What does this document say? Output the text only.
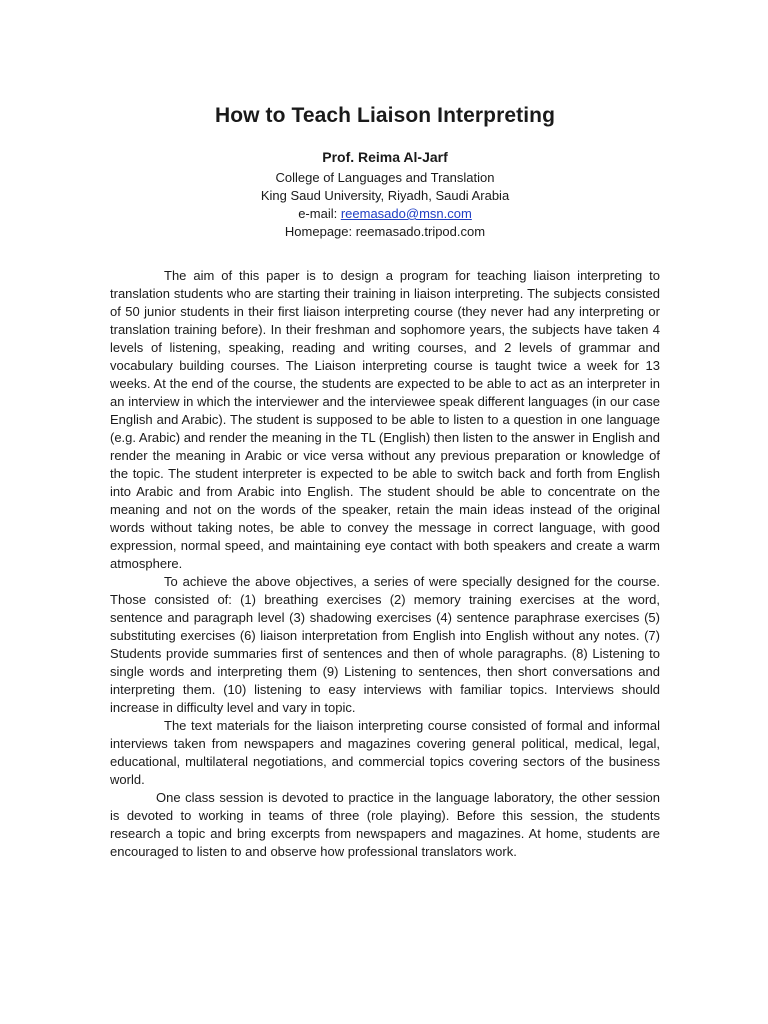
How to Teach Liaison Interpreting

Prof. Reima Al-Jarf

College of Languages and Translation

King Saud University, Riyadh, Saudi Arabia

e-mail: reemasado@msn.com

Homepage: reemasado.tripod.com

The aim of this paper is to design a program for teaching liaison interpreting to translation students who are starting their training in liaison interpreting. The subjects consisted of 50 junior students in their first liaison interpreting course (they never had any interpreting or translation training before). In their freshman and sophomore years, the subjects have taken 4 levels of listening, speaking, reading and writing courses, and 2 levels of grammar and vocabulary building courses. The Liaison interpreting course is taught twice a week for 13 weeks. At the end of the course, the students are expected to be able to act as an interpreter in an interview in which the interviewer and the interviewee speak different languages (in our case English and Arabic). The student is supposed to be able to listen to a question in one language (e.g. Arabic) and render the meaning in the TL (English) then listen to the answer in English and render the meaning in Arabic or vice versa without any previous preparation or knowledge of the topic. The student interpreter is expected to be able to switch back and forth from English into Arabic and from Arabic into English. The student should be able to concentrate on the meaning and not on the words of the speaker, retain the main ideas instead of the original words without taking notes, be able to convey the message in correct language, with good expression, normal speed, and maintaining eye contact with both speakers and create a warm atmosphere.

To achieve the above objectives, a series of were specially designed for the course. Those consisted of: (1) breathing exercises (2) memory training exercises at the word, sentence and paragraph level (3) shadowing exercises (4) sentence paraphrase exercises (5) substituting exercises (6) liaison interpretation from English into English without any notes. (7) Students provide summaries first of sentences and then of whole paragraphs. (8) Listening to single words and interpreting them (9) Listening to sentences, then short conversations and interpreting them. (10) listening to easy interviews with familiar topics. Interviews should increase in difficulty level and vary in topic.

The text materials for the liaison interpreting course consisted of formal and informal interviews taken from newspapers and magazines covering general political, medical, legal, educational, multilateral negotiations, and commercial topics covering sectors of the business world.

One class session is devoted to practice in the language laboratory, the other session is devoted to working in teams of three (role playing). Before this session, the students research a topic and bring excerpts from newspapers and magazines. At home, students are encouraged to listen to and observe how professional translators work.
